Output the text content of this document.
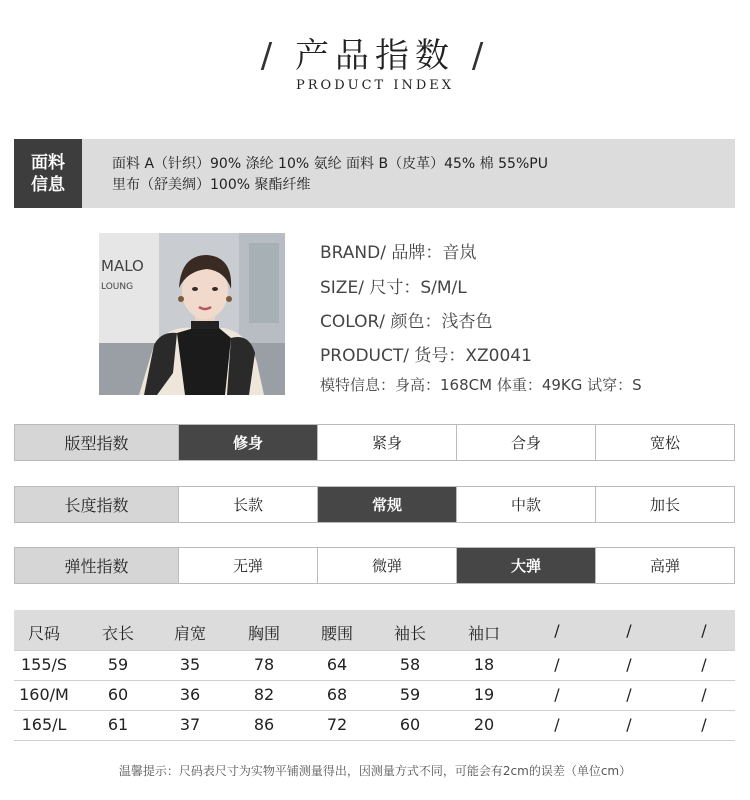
/ 产品指数 /
PRODUCT INDEX
面料
信息
面料 A（针织）90% 涤纶 10% 氨纶 面料 B（皮革）45% 棉 55%PU
里布（舒美绸）100% 聚酯纤维
MALO
LOUNG
BRAND/ 品牌：音岚
SIZE/ 尺寸：S/M/L
COLOR/ 颜色：浅杏色
PRODUCT/ 货号：XZ0041
模特信息：身高：168CM 体重：49KG 试穿：S
版型指数	修身	紧身	合身	宽松
长度指数	长款	常规	中款	加长
弹性指数	无弹	微弹	大弹	高弹
尺码	衣长	肩宽	胸围	腰围	袖长	袖口	/	/	/
155/S	59	35	78	64	58	18	/	/	/
160/M	60	36	82	68	59	19	/	/	/
165/L	61	37	86	72	60	20	/	/	/
温馨提示：尺码表尺寸为实物平铺测量得出，因测量方式不同，可能会有2cm的误差（单位cm）
